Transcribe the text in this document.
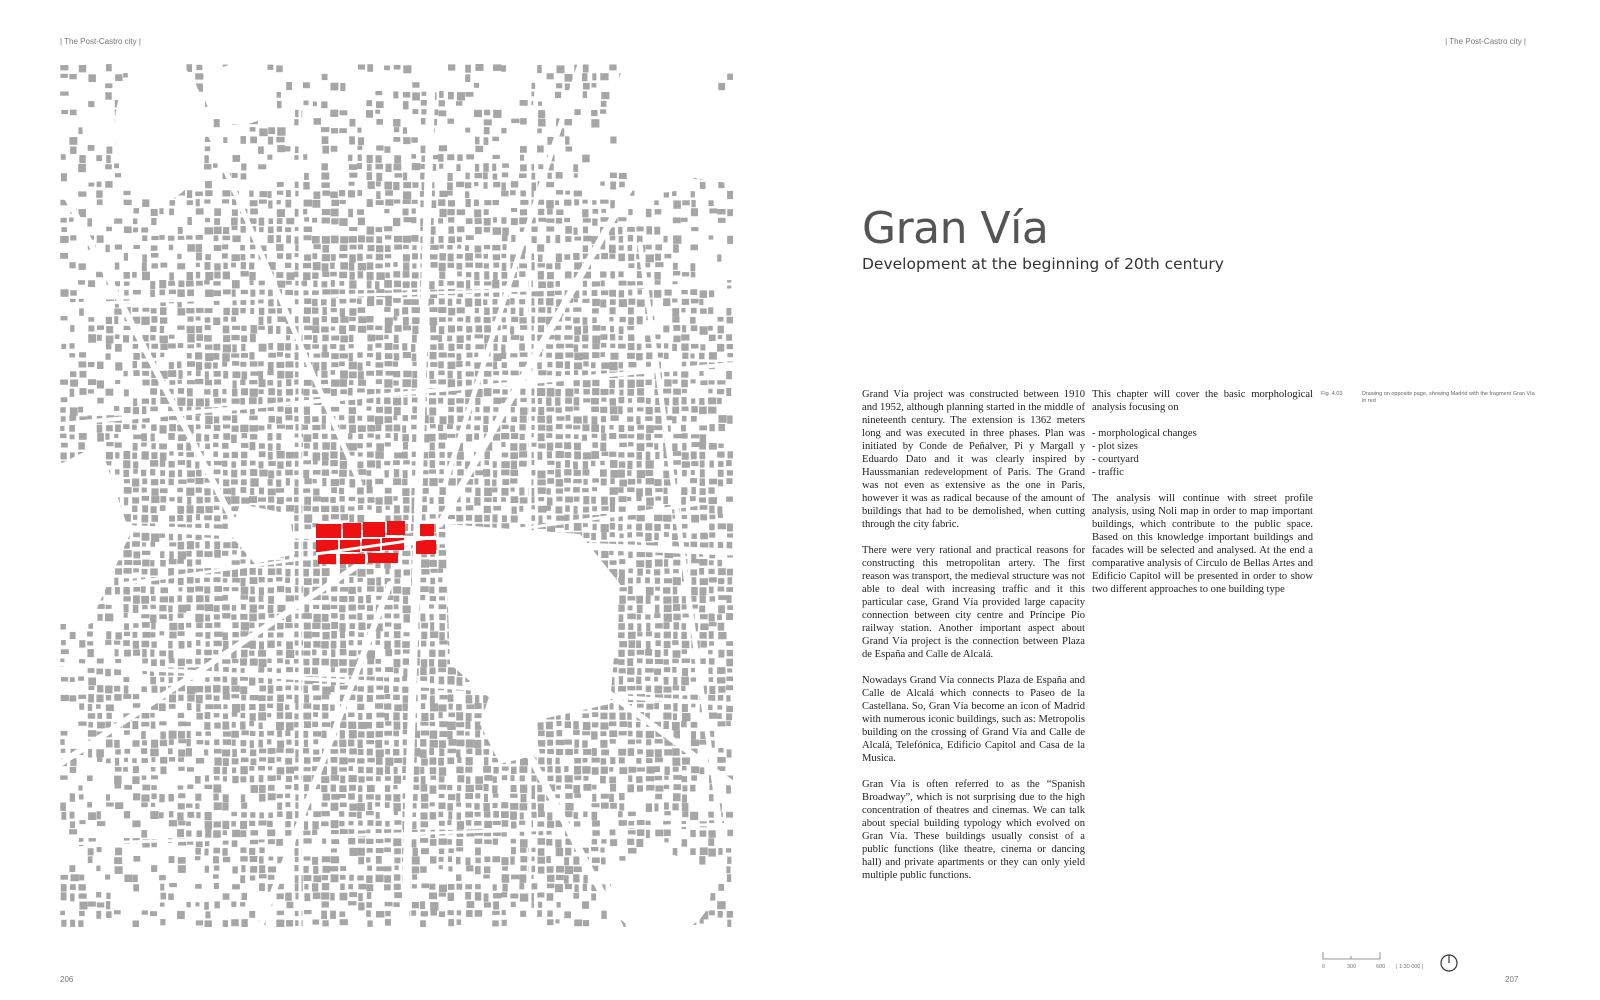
| The Post-Castro city |	| The Post-Castro city |
Gran Vía
Development at the beginning of 20th century

Grand Vía project was constructed between 1910 and 1952, although planning started in the middle of nineteenth century. The extension is 1362 meters long and was executed in three phases. Plan was initiated by Conde de Peñalver, Pi y Margall y Eduardo Dato and it was clearly inspired by Haussmanian redevelopment of Paris. The Grand was not even as extensive as the one in Paris, however it was as radical because of the amount of buildings that had to be demolished, when cutting through the city fabric.

There were very rational and practical reasons for constructing this metropolitan artery. The first reason was transport, the medieval structure was not able to deal with increasing traffic and it this particular case, Grand Vía provided large capacity connection between city centre and Príncipe Pío railway station. Another important aspect about Grand Vía project is the connection between Plaza de España and Calle de Alcalá.

Nowadays Grand Vía connects Plaza de España and Calle de Alcalá which connects to Paseo de la Castellana. So, Gran Vía become an icon of Madrid with numerous iconic buildings, such as: Metropolis building on the crossing of Grand Vía and Calle de Alcalá, Telefónica, Edificio Capitol and Casa de la Musica.

Gran Vía is often referred to as the “Spanish Broadway”, which is not surprising due to the high concentration of theatres and cinemas. We can talk about special building typology which evolved on Gran Vía. These buildings usually consist of a public functions (like theatre, cinema or dancing hall) and private apartments or they can only yield multiple public functions.

This chapter will cover the basic morphological analysis focusing on

- morphological changes
- plot sizes
- courtyard
- traffic

The analysis will continue with street profile analysis, using Noli map in order to map important buildings, which contribute to the public space. Based on this knowledge important buildings and facades will be selected and analysed. At the end a comparative analysis of Circulo de Bellas Artes and Edificio Capitol will be presented in order to show two different approaches to one building type

Fig. 4.03	Drawing on opposite page, showing Madrid with the fragment Gran Vía in red
0	300	600 | 1:30 000 |
206	207
